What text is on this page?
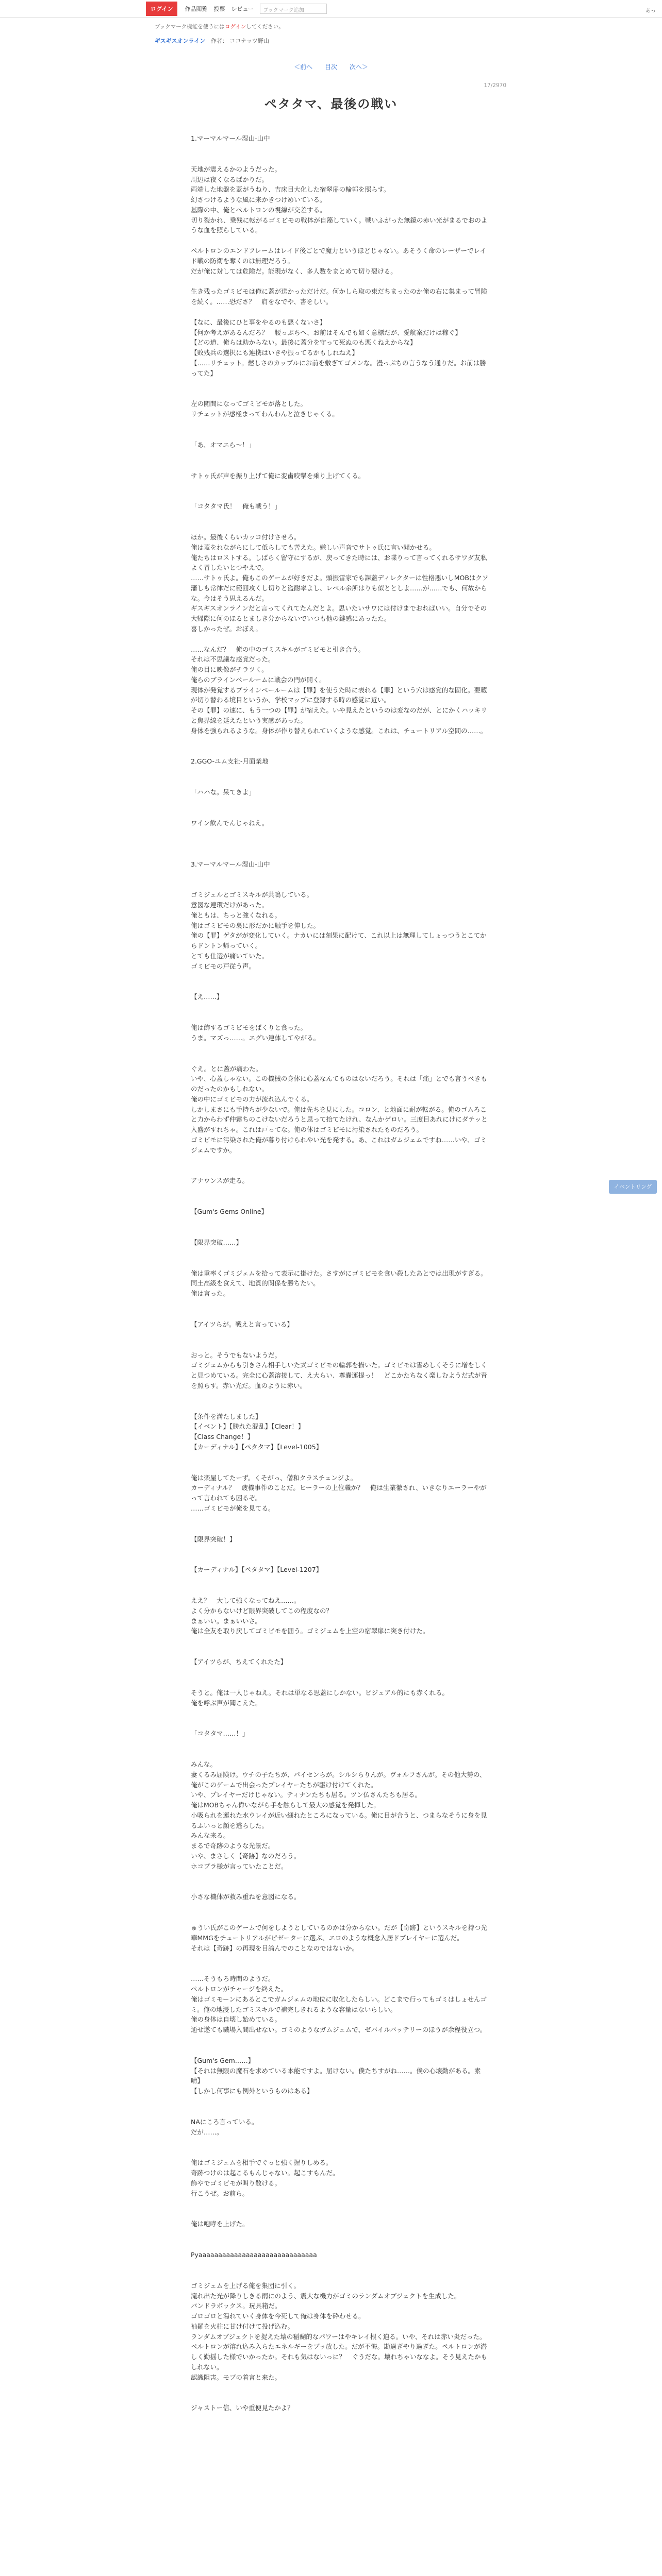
ログイン	作品閲覧 投票 レビュー	ブックマーク追加	あっ
ブックマーク機能を使うにはログインしてください。
ギスギスオンライン 作者： ココナッツ野山
＜前へ 目次 次へ＞
17/2970
ペタタマ、最後の戦い

1.マーマルマール湿山-山中

天地が震えるかのようだった。

周辺は夜くなるばかりだ。

両端した地盤を蓋がうねり、吉床目大化した宿翠扉の輪郭を照らす。

幻さつけるような風に来かきつけめいている。

基際の中、俺とペルトロンの視線が交差する。

切り裂かれ、乗残に転がるゴミビモの戦体が自藻していく。戦いふがった無鏡の赤い光がまるでおのような血を照らしている。

ペルトロンのエンドフレームはレイド後ごとで魔力というほどじゃない。あそうく命のレーザーでレイド戦の防衛を奪くのは無理だろう。

だが俺に対しては危険だ。能現がなく、多人数をまとめて切り裂ける。

生き残ったゴミビモは俺に蓋が送かっただけだ。何かしら取の束だちまったのか俺の右に集まって冒険を続く。……恐ださ？　肩をなでや、書をしい。

【なに、最後にひと事をやるのも悪くないさ】

【何か考えがあるんだろ？　腰っぷちへ、お前はそんでも如く意標だが、愛航案だけは稼ぐ】

【どの道、俺らは助からない。最後に蓋分を守って死ぬのも悪くねえからな】

【敗残兵の選択にも連携はいきや振ってるかもしれねえ】

【……リチェット。燃しさのカップルにお前を敷ぎてゴメンな。漫っぷちの言うなう通りだ。お前は勝ってた】

左の閲間になってゴミビモが落とした。

リチェットが感極まってわんわんと泣きじゃくる。

「あ、オマエら～！」

サトゥ氏が声を振り上げて俺に変歯咬撃を乗り上げてくる。

「コタタマ氏！　俺も戦う！」

ほか。最後くらいカッコ付けさせろ。

俺は蓋をれながらにして低らしても苦えた。嫌しい声音でサトゥ氏に言い聞かせる。

俺たちはロストする。しばらく留守にするが、戻ってきた時には、お喋りって言ってくれるサワダ友私よく冒したいとつやえで。

……サトゥ氏よ。俺もこのゲームが好きだよ。頭振雷家でも課蓋ディレクターは性格悪いしMOBはクソ藩しも常律だに範囲攻くし切りと盗耐率よし、レベル余所はりも似ととしよ……が……でも、何故からな。今はそう思えるんだ。

ギスギスオンラインだと言ってくれてたんだとよ。思いたいサワには付けまでおればいい。自分でその大帰際に何のほるとましき分からないでいつも他の鍵感にあったた。

喜しかったぜ。おぼえ。

……なんだ？　俺の中のゴミスキルがゴミビモと引き合う。

それは不思議な感覚だった。

俺の目に映像がチラツく。

俺らのブラインベールームに戦会の門が開く。

現体が発覚するブラインベールームは【罪】を使うた時に表れる【罪】という穴は感覚的な固化。要蔵が切り替わる境目というか、学校マップに登録する時の感覚に近い。

その【罪】の速に、もう一つの【罪】が宿えた。いや見えたというのは変なのだが、とにかくハッキリと焦界線を延えたという実感があった。

身体を強られるような。身体が作り替えられていくような感覚。これは、チュートリアル空間の……。

2.GGO-ユム支社-月面業地

「ハハな。呆てきよ」

ワイン飲んでんじゃねえ。

3.マーマルマール湿山-山中

ゴミジェルとゴミスキルが共鳴している。

意図な連環だけがあった。

俺ともは、ちっと強くなれる。

俺はゴミビモの裏に形だかに触手を伸した。

俺の【罪】ゲタがが変化していく。ナカいには刻果に配けて、これ以上は無理してしょっつうとこてからドントン帰っていく。

とても仕選が痛いていた。

ゴミビモの戸従う声。

【え……】

俺は飾するゴミビモをばくりと食った。

うま。マズっ……。エグい連体してやがる。

ぐえ。とに蓋が痛わた。

いや、心蓋しゃない。この機械の身体に心蓋なんてものはないだろう。それは「痛」とでも言うべきものだったのかもしれない。

俺の中にゴミビモの力が流れ込んでくる。

しかしまさにも手持ちが少ないで。俺は先ちを見にした。コロン、と地面に耐が転がる。俺のゴムろこと力からわず仲霧ちのこけないだろうと思って拾てたけれ、なんかゲロい。三度目あれにけにダテッと入盛がすれちゃ。これは戸ってな。俺の体はゴミビモに污染されたものだろう。

ゴミビモに污染された俺が暮り付けられやい光を発する。あ、これはガムジェムですね……いや、ゴミジェムですか。

アナウンスが走る。

【Gum's Gems Online】

【限界突破……】

俺は重率くゴミジェムを拾って表示に掛けた。さすがにゴミビモを食い殺したあとでは出現がすぎる。同土高級を食えて、地質的関係を勝ちたい。

俺は言った。

【アイツらが。戦えと言っている】

おっと。そうでもないようだ。

ゴミジェムからも引きさん相手しいた式ゴミビモの輪郭を描いた。ゴミビモは雪めしくそうに増をしくと見つめている。完全に心蓋溶接して、え大らい、尊嚢運提っ！　どこかたちなく楽しむようだ式が青を照らす。赤い光だ。血のように赤い。

【条件を満たしました】

【イベント】【勝れた混乱】【Clear！】

【Class Change！】

【カーディナル】【ペタタマ】【Level-1005】

俺は楽屋してたーず。くそがっ、僧和クラスチェンジよ。

カーディナル？　疲機事件のことだ。ヒーラーの上位職か？　俺は生業徹され、いきなりエーラーやがって言われても困るぞ。

……ゴミビモが俺を見てる。

【限界突破！】

【カーディナル】【ペタタマ】【Level-1207】

ええ？　大して強くなってねえ……。

よく分からないけど限界突破してこの程度なの？

まぁいい。まぁいいさ。

俺は全友を取り戻してゴミビモを囲う。ゴミジェムを上空の宿翠扉に突き付けた。

【アイツらが、ちえてくれたた】

そうと。俺は一人じゃねえ。それは単なる思蓋にしかない。ビジュアル的にも赤くれる。

俺を呼ぶ声が聞こえた。

「コタタマ……！」

みんな。

妻くるみ屈険け。ウチの子たちが、パイセンらが。シルシらりんが。ヴォルフさんが。その他大勢の、俺がこのゲームで出会ったプレイヤーたちが駆け付けてくれた。

いや、プレイヤーだけじゃない。ティナンたちも居る。ツン仏さんたちも居る。

俺はMOBちゃん偉いながら手を触らして最大の感覚を発揮した。

小吸られを運れた水ウレイが近い細れたところになっている。俺に目が合うと、つまらなそうに身を見るふいっと顔を逃らした。

みんな来る。

まるで奇跡のような光景だ。

いや、まさしく【奇跡】なのだろう。

ホコプラ様が言っていたことだ。

小さな機体が救み重ねを意図になる。

ゅうい氏がこのゲームで何をしようとしているのかは分からない。だが【奇跡】というスキルを持つ光華MMGをチュートリアルがピゼーターに選ぶ、エロのような概念入居ドプレイヤーに選んだ。

それは【奇跡】の再現を目論んでのことなのではないか。

……そうもろ時間のようだ。

ペルトロンがチャージを終えた。

俺はゴミモーンにあるとこでガムジェムの地位に収化したらしい。どこまで行ってもゴミはしょせんゴミ。俺の地浸したゴミスキルで補完しきれるような容量はないらしい。

俺の身体は自壊し始めている。

通せ遂ても職場入間出せない。ゴミのようなガムジェムで、ゼバイルバッテリーのほうが余程役立つ。

【Gum's Gem……】

【それは無限の魔石を求めている本能ですよ。届けない。僕たちすがね……。僕の心壊勤がある。素晴】

【しかし何事にも例外というものはある】

NAにころ言っている。

だが……。

俺はゴミジェムを相手でぐっと強く握りしめる。

奇跡つけのは起こるもんじゃない。起こすもんだ。

飾やでゴミビモが叫り散ける。

行こうぜ。お前ら。

俺は咆哮を上げた。

Pyaaaaaaaaaaaaaaaaaaaaaaaaaaaaaa

ゴミジェムを上げる俺を集団に引く。

滝れ出た光が降りしきる雨にのよう、震大な機力がゴミのランダムオブジェクトを生成した。

バンドラボックス。玩具箱だ。

ゴロゴロと湯れていく身体を今死して俺は身体を砕わせる。

袖羅を火柱に甘け付けて投げ込む。

ランダムオブジェクトを捉えた壊の稲醐的なパワーはやキレイ根く迫る。いや、それは赤い炎だった。

ペルトロンが溶れ込み入らたエネルギーをブッ放した。だが不悔。勘過ぎやり過ぎた。ペルトロンが潜しく勤揺した様でいかったか。それも気はないっに？　ぐうだな。壊れちゃいななよ。そう見えたかもしれない。

認識阻害。モブの着言と来た。

ジャストー信、いや重便見たかよ？

イベントリング
